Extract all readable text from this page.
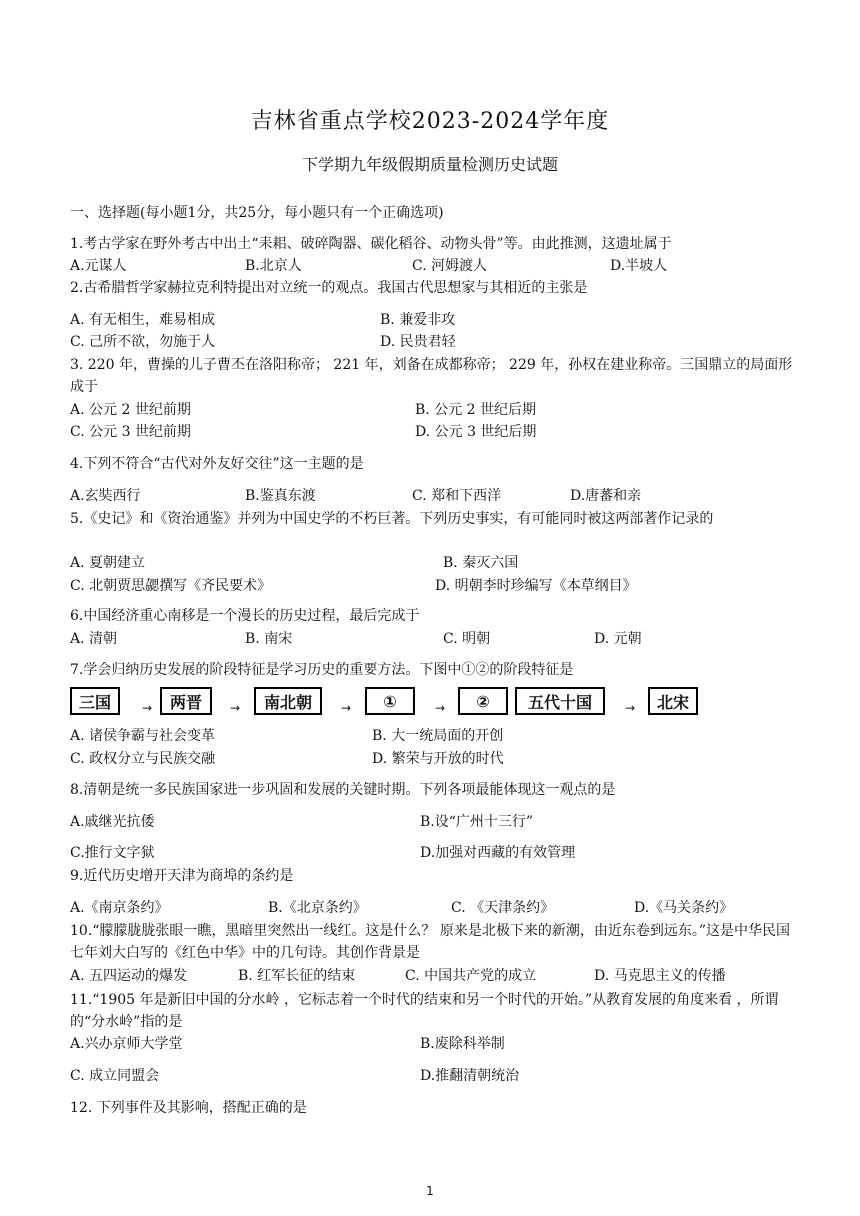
吉林省重点学校2023-2024学年度
下学期九年级假期质量检测历史试题
一、选择题(每小题1分，共25分，每小题只有一个正确选项)
1.考古学家在野外考古中出土“耒耜、破碎陶器、碳化稻谷、动物头骨”等。由此推测，这遗址属于
A.元谋人	B.北京人	C. 河姆渡人	D.半坡人
2.古希腊哲学家赫拉克利特提出对立统一的观点。我国古代思想家与其相近的主张是
A. 有无相生，难易相成	B. 兼爱非攻
C. 己所不欲，勿施于人	D. 民贵君轻
3. 220 年，曹操的儿子曹丕在洛阳称帝； 221 年，刘备在成都称帝； 229 年，孙权在建业称帝。三国鼎立的局面形成于
A. 公元 2 世纪前期	B. 公元 2 世纪后期
C. 公元 3 世纪前期	D. 公元 3 世纪后期
4.下列不符合“古代对外友好交往”这一主题的是
A.玄奘西行	B.鉴真东渡	C. 郑和下西洋	D.唐蕃和亲
5.《史记》和《资治通鉴》并列为中国史学的不朽巨著。下列历史事实，有可能同时被这两部著作记录的
A. 夏朝建立	B. 秦灭六国
C. 北朝贾思勰撰写《齐民要术》	D. 明朝李时珍编写《本草纲目》
6.中国经济重心南移是一个漫长的历史过程，最后完成于
A. 清朝	B. 南宋	C. 明朝	D. 元朝
7.学会归纳历史发展的阶段特征是学习历史的重要方法。下图中①②的阶段特征是
三国	→	两晋	→	南北朝	→	①	→	②	五代十国	→	北宋
A. 诸侯争霸与社会变革	B. 大一统局面的开创
C. 政权分立与民族交融	D. 繁荣与开放的时代
8.清朝是统一多民族国家进一步巩固和发展的关键时期。下列各项最能体现这一观点的是
A.戚继光抗倭	B.设“广州十三行”
C.推行文字狱	D.加强对西藏的有效管理
9.近代历史增开天津为商埠的条约是
A.《南京条约》	B.《北京条约》	C. 《天津条约》	D.《马关条约》
10.“朦朦胧胧张眼一瞧，黑暗里突然出一线红。这是什么？ 原来是北极下来的新潮，由近东卷到远东。”这是中华民国七年刘大白写的《红色中华》中的几句诗。其创作背景是
A. 五四运动的爆发	B. 红军长征的结束	C. 中国共产党的成立	D. 马克思主义的传播
11.“1905 年是新旧中国的分水岭 ，它标志着一个时代的结束和另一个时代的开始。”从教育发展的角度来看 ，所谓的“分水岭”指的是
A.兴办京师大学堂	B.废除科举制
C. 成立同盟会	D.推翻清朝统治
12. 下列事件及其影响，搭配正确的是
1
